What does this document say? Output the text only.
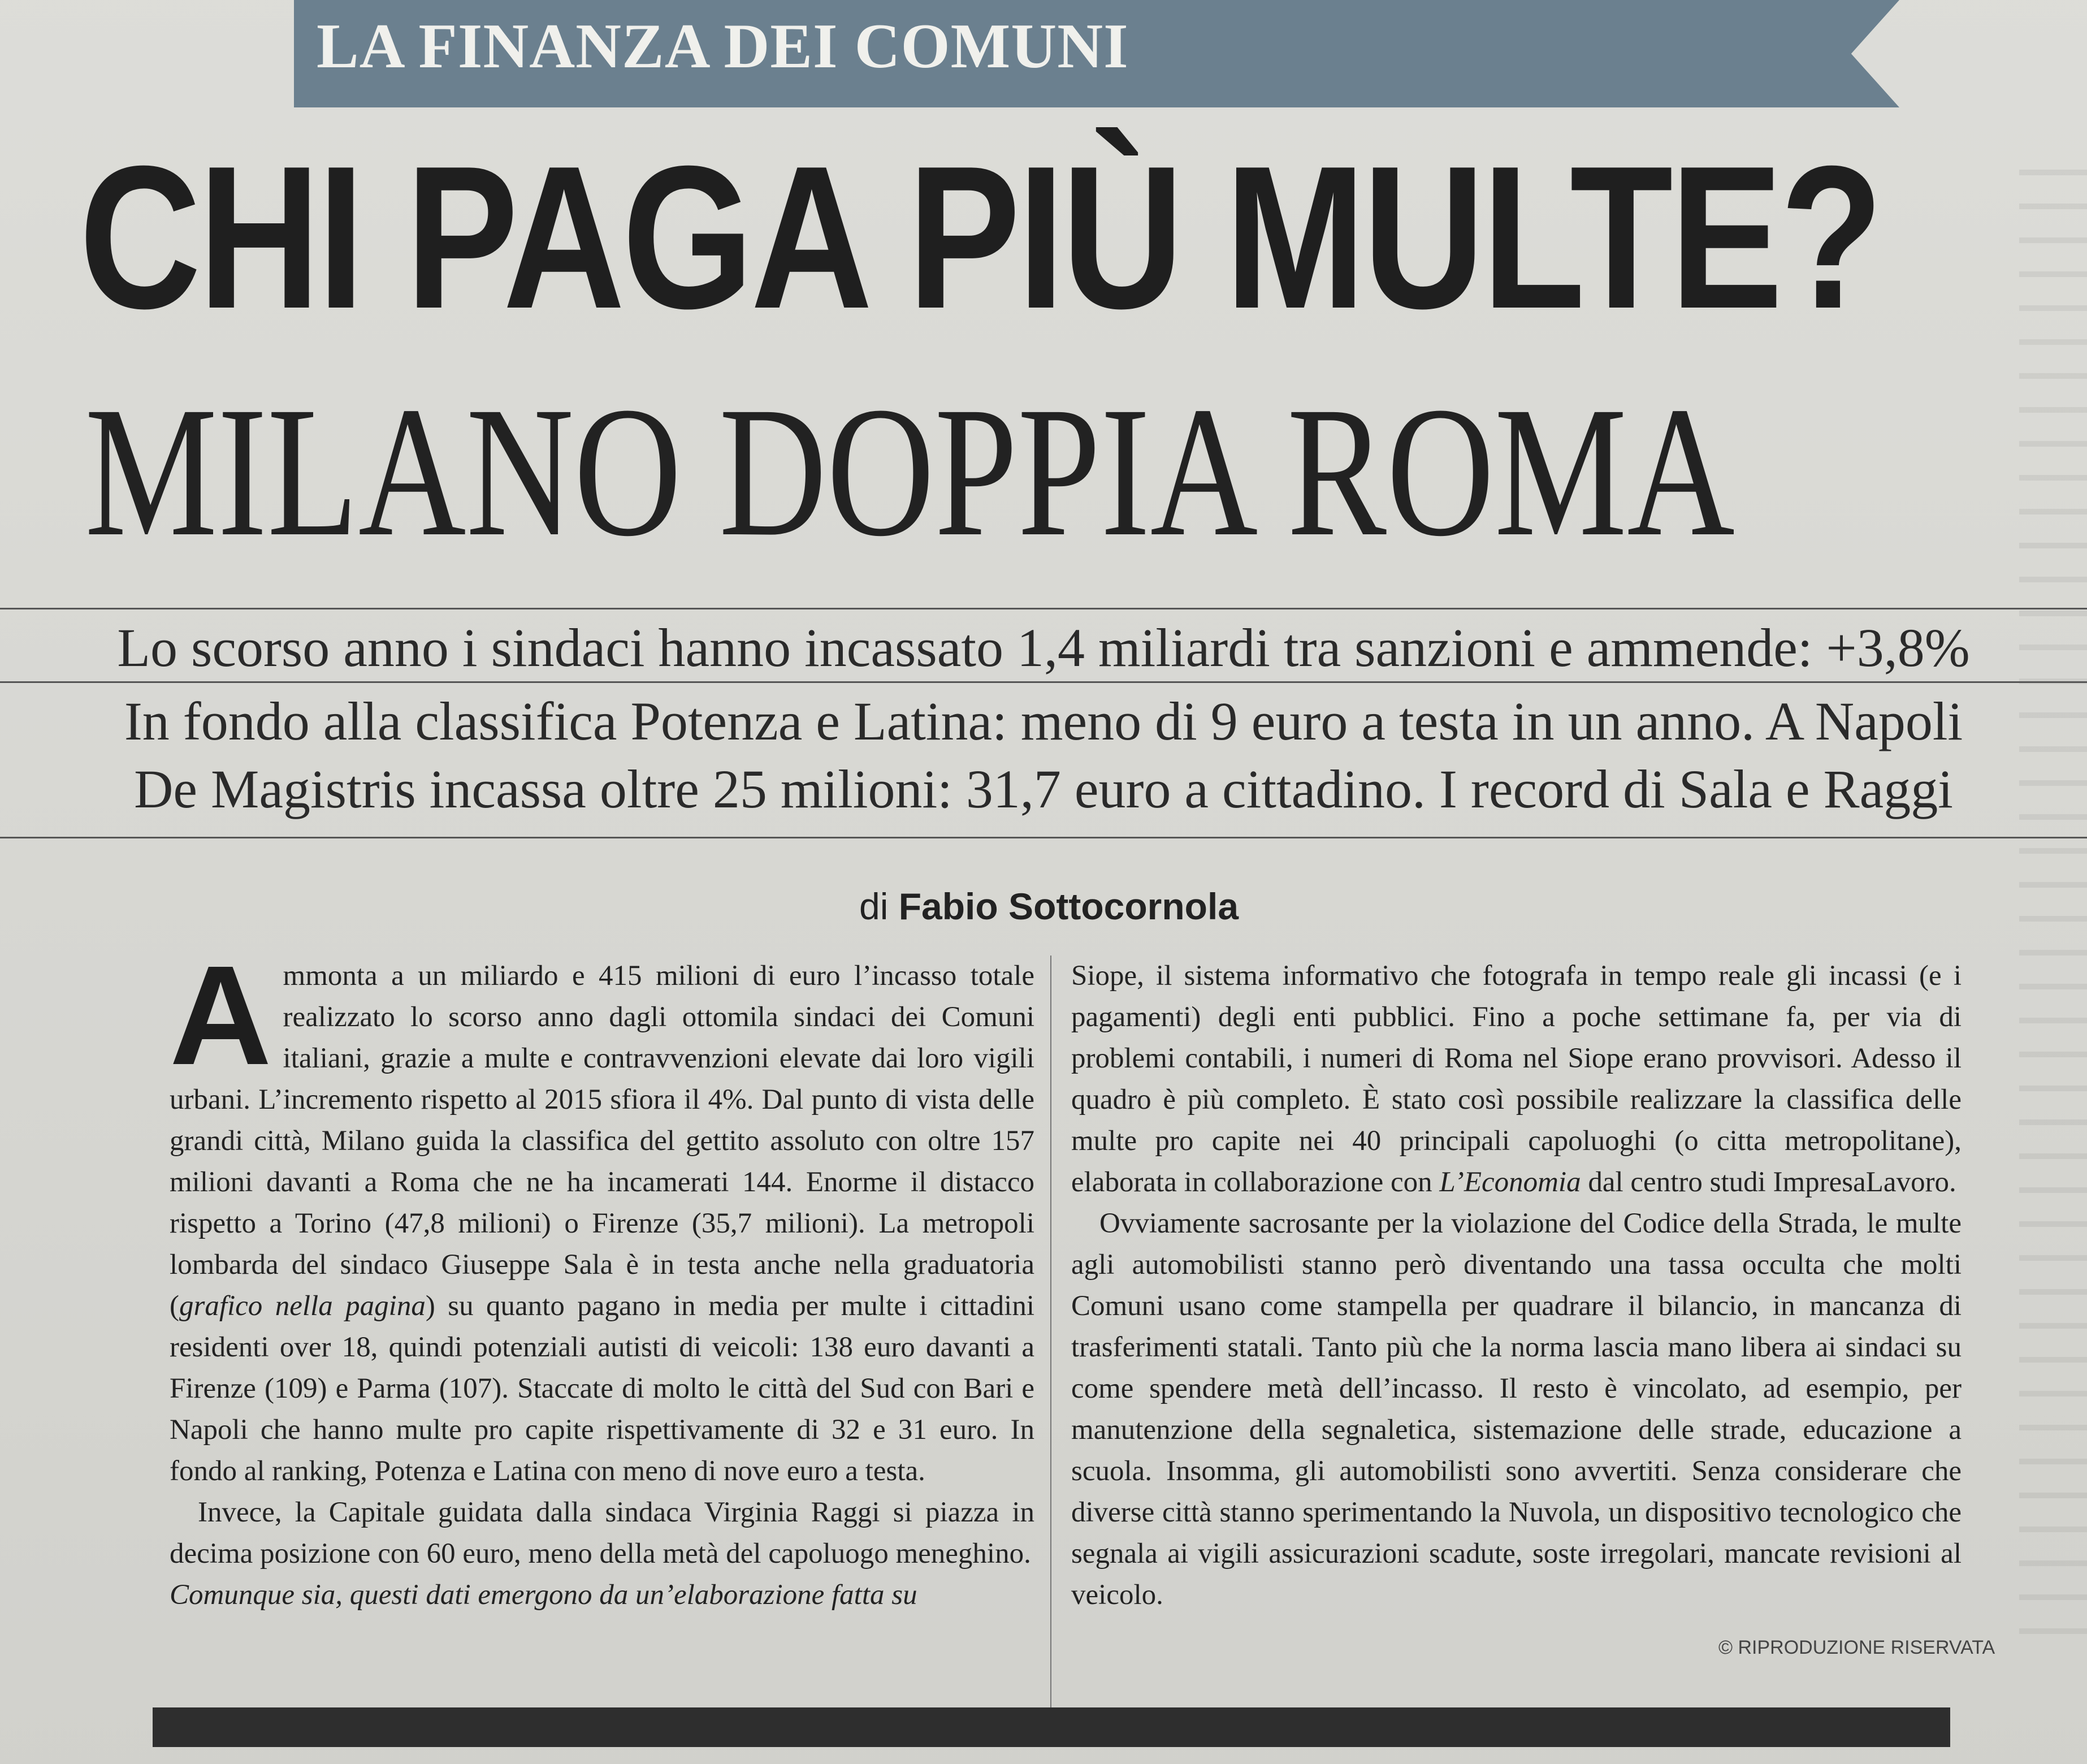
LA FINANZA DEI COMUNI
CHI PAGA PIÙ MULTE?
MILANO DOPPIA ROMA
Lo scorso anno i sindaci hanno incassato 1,4 miliardi tra sanzioni e ammende: +3,8%
In fondo alla classifica Potenza e Latina: meno di 9 euro a testa in un anno. A Napoli
De Magistris incassa oltre 25 milioni: 31,7 euro a cittadino. I record di Sala e Raggi
di Fabio Sottocornola

Ammonta a un miliardo e 415 milioni di euro l’incasso totale realizzato lo scorso anno dagli ottomila sindaci dei Comuni italiani, grazie a multe e contravvenzioni elevate dai loro vigili urbani. L’incremento rispetto al 2015 sfiora il 4%. Dal punto di vista delle grandi città, Milano guida la classifica del gettito assoluto con oltre 157 milioni davanti a Roma che ne ha incamerati 144. Enorme il distacco rispetto a Torino (47,8 milioni) o Firenze (35,7 milioni). La metropoli lombarda del sindaco Giuseppe Sala è in testa anche nella graduatoria (grafico nella pagina) su quanto pagano in media per multe i cittadini residenti over 18, quindi potenziali autisti di veicoli: 138 euro davanti a Firenze (109) e Parma (107). Staccate di molto le città del Sud con Bari e Napoli che hanno multe pro capite rispettivamente di 32 e 31 euro. In fondo al ranking, Potenza e Latina con meno di nove euro a testa.

Invece, la Capitale guidata dalla sindaca Virginia Raggi si piazza in decima posizione con 60 euro, meno della metà del capoluogo meneghino.

Comunque sia, questi dati emergono da un’elaborazione fatta su

Siope, il sistema informativo che fotografa in tempo reale gli incassi (e i pagamenti) degli enti pubblici. Fino a poche settimane fa, per via di problemi contabili, i numeri di Roma nel Siope erano provvisori. Adesso il quadro è più completo. È stato così possibile realizzare la classifica delle multe pro capite nei 40 principali capoluoghi (o citta metropolitane), elaborata in collaborazione con L’Economia dal centro studi ImpresaLavoro.

Ovviamente sacrosante per la violazione del Codice della Strada, le multe agli automobilisti stanno però diventando una tassa occulta che molti Comuni usano come stampella per quadrare il bilancio, in mancanza di trasferimenti statali. Tanto più che la norma lascia mano libera ai sindaci su come spendere metà dell’incasso. Il resto è vincolato, ad esempio, per manutenzione della segnaletica, sistemazione delle strade, educazione a scuola. Insomma, gli automobilisti sono avvertiti. Senza considerare che diverse città stanno sperimentando la Nuvola, un dispositivo tecnologico che segnala ai vigili assicurazioni scadute, soste irregolari, mancate revisioni al veicolo.

© RIPRODUZIONE RISERVATA
